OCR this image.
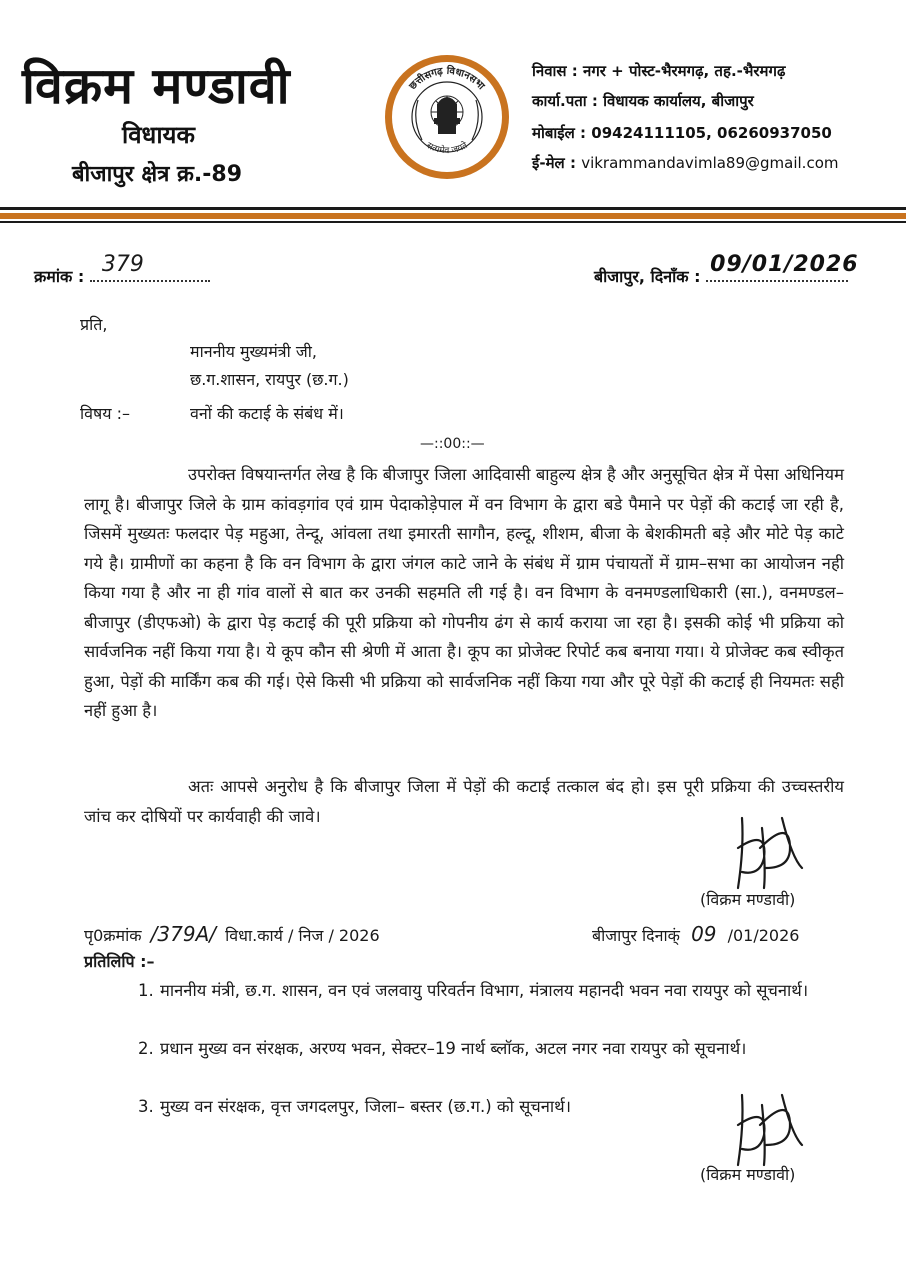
विक्रम मण्डावी
विधायक
बीजापुर क्षेत्र क्र.-89
छत्तीसगढ़ विधानसभा
सत्यमेव जयते
निवास : नगर + पोस्ट-भैरमगढ़, तह.-भैरमगढ़
कार्या.पता : विधायक कार्यालय, बीजापुर
मोबाईल : 09424111105, 06260937050
ई-मेल : vikrammandavimla89@gmail.com
क्रमांक : 379	बीजापुर, दिनाँक : 09/01/2026
प्रति,
माननीय मुख्यमंत्री जी,
छ.ग.शासन, रायपुर (छ.ग.)
विषय :–	वनों की कटाई के संबंध में।
—::00::—
उपरोक्त विषयान्तर्गत लेख है कि बीजापुर जिला आदिवासी बाहुल्य क्षेत्र है और अनुसूचित क्षेत्र में पेसा अधिनियम लागू है। बीजापुर जिले के ग्राम कांवड़गांव एवं ग्राम पेदाकोड़ेपाल में वन विभाग के द्वारा बडे पैमाने पर पेड़ों की कटाई जा रही है, जिसमें मुख्यतः फलदार पेड़ महुआ, तेन्दू, आंवला तथा इमारती सागौन, हल्दू, शीशम, बीजा के बेशकीमती बड़े और मोटे पेड़ काटे गये है। ग्रामीणों का कहना है कि वन विभाग के द्वारा जंगल काटे जाने के संबंध में ग्राम पंचायतों में ग्राम–सभा का आयोजन नही किया गया है और ना ही गांव वालों से बात कर उनकी सहमति ली गई है। वन विभाग के वनमण्डलाधिकारी (सा.), वनमण्डल–बीजापुर (डीएफओ) के द्वारा पेड़ कटाई की पूरी प्रक्रिया को गोपनीय ढंग से कार्य कराया जा रहा है। इसकी कोई भी प्रक्रिया को सार्वजनिक नहीं किया गया है। ये कूप कौन सी श्रेणी में आता है। कूप का प्रोजेक्ट रिपोर्ट कब बनाया गया। ये प्रोजेक्ट कब स्वीकृत हुआ, पेड़ों की मार्किंग कब की गई। ऐसे किसी भी प्रक्रिया को सार्वजनिक नहीं किया गया और पूरे पेड़ों की कटाई ही नियमतः सही नहीं हुआ है।
अतः आपसे अनुरोध है कि बीजापुर जिला में पेड़ों की कटाई तत्काल बंद हो। इस पूरी प्रक्रिया की उच्चस्तरीय जांच कर दोषियों पर कार्यवाही की जावे।
(विक्रम मण्डावी)
पृ0क्रमांक /379A/ विधा.कार्य / निज / 2026	बीजापुर दिनाक्ं 09 /01/2026
प्रतिलिपि :–
1. माननीय मंत्री, छ.ग. शासन, वन एवं जलवायु परिवर्तन विभाग, मंत्रालय महानदी भवन नवा रायपुर को सूचनार्थ।
2. प्रधान मुख्य वन संरक्षक, अरण्य भवन, सेक्टर–19 नार्थ ब्लॉक, अटल नगर नवा रायपुर को सूचनार्थ।
3. मुख्य वन संरक्षक, वृत्त जगदलपुर, जिला– बस्तर (छ.ग.) को सूचनार्थ।
(विक्रम मण्डावी)
